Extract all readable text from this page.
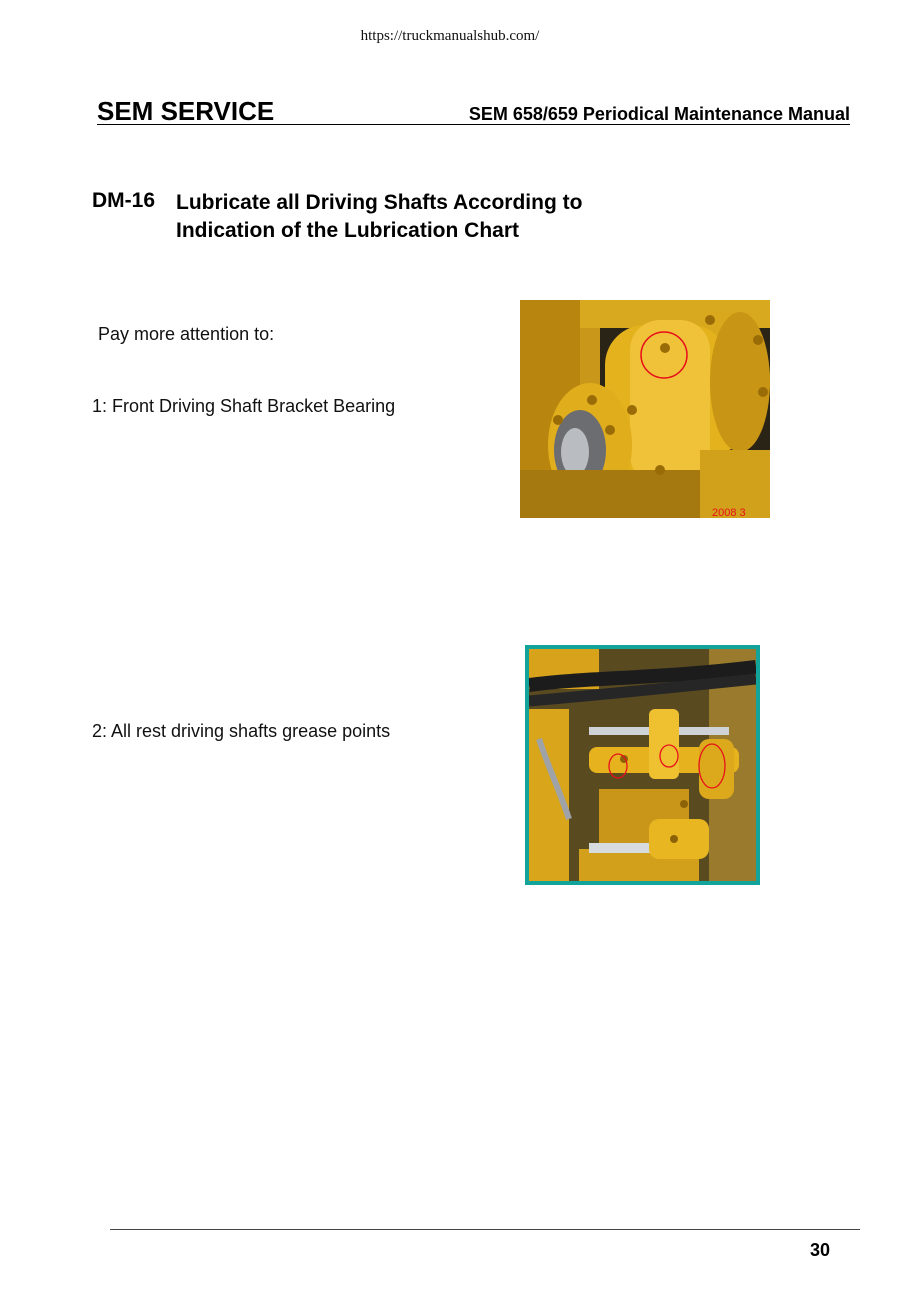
https://truckmanualshub.com/
SEM SERVICE	SEM 658/659 Periodical Maintenance Manual
DM-16 Lubricate all Driving Shafts According to
Indication of the Lubrication Chart
Pay more attention to:
1: Front Driving Shaft Bracket Bearing
2: All rest driving shafts grease points
2008 3
30
